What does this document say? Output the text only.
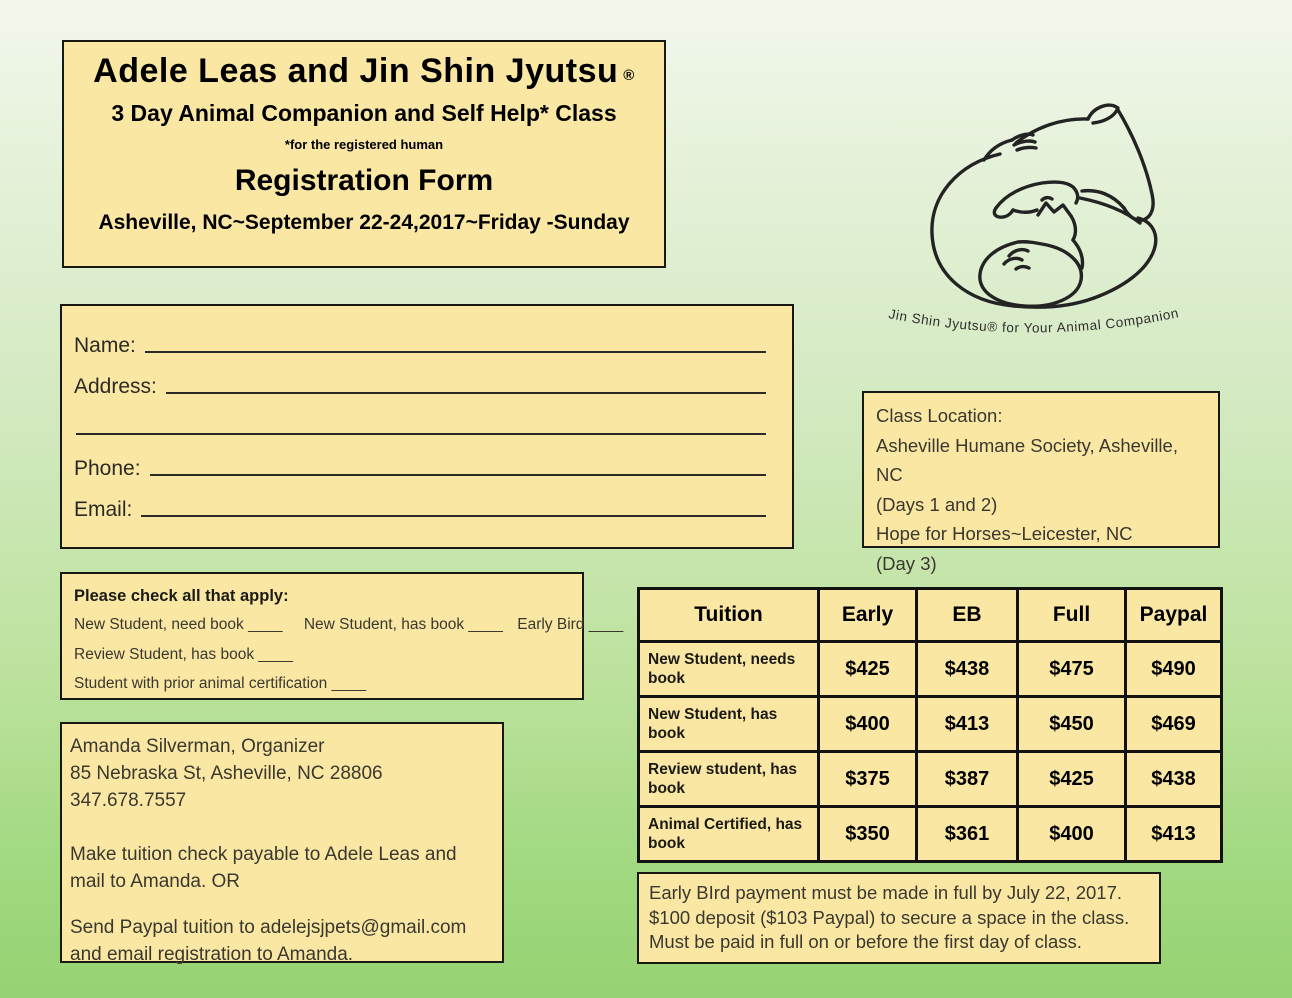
Adele Leas and Jin Shin Jyutsu ®
3 Day Animal Companion and Self Help* Class
*for the registered human
Registration Form
Asheville, NC~September 22-24,2017~Friday -Sunday
Jin Shin Jyutsu® for Your Animal Companion
Name:
Address:
Phone:
Email:
Class Location:
Asheville Humane Society, Asheville, NC
(Days 1 and 2)
Hope for Horses~Leicester, NC
(Day 3)
Please check all that apply:
New Student, need book ____ New Student, has book ____ Early Bird ____
Review Student, has book ____
Student with prior animal certification ____
Tuition	Early	EB	Full	Paypal
New Student, needs book	$425	$438	$475	$490
New Student, has book	$400	$413	$450	$469
Review student, has book	$375	$387	$425	$438
Animal Certified, has book	$350	$361	$400	$413
Amanda Silverman, Organizer
85 Nebraska St, Asheville, NC 28806
347.678.7557

Make tuition check payable to Adele Leas and mail to Amanda. OR

Send Paypal tuition to adelejsjpets@gmail.com and email registration to Amanda.

Early BIrd payment must be made in full by July 22, 2017.
$100 deposit ($103 Paypal) to secure a space in the class.
Must be paid in full on or before the first day of class.
